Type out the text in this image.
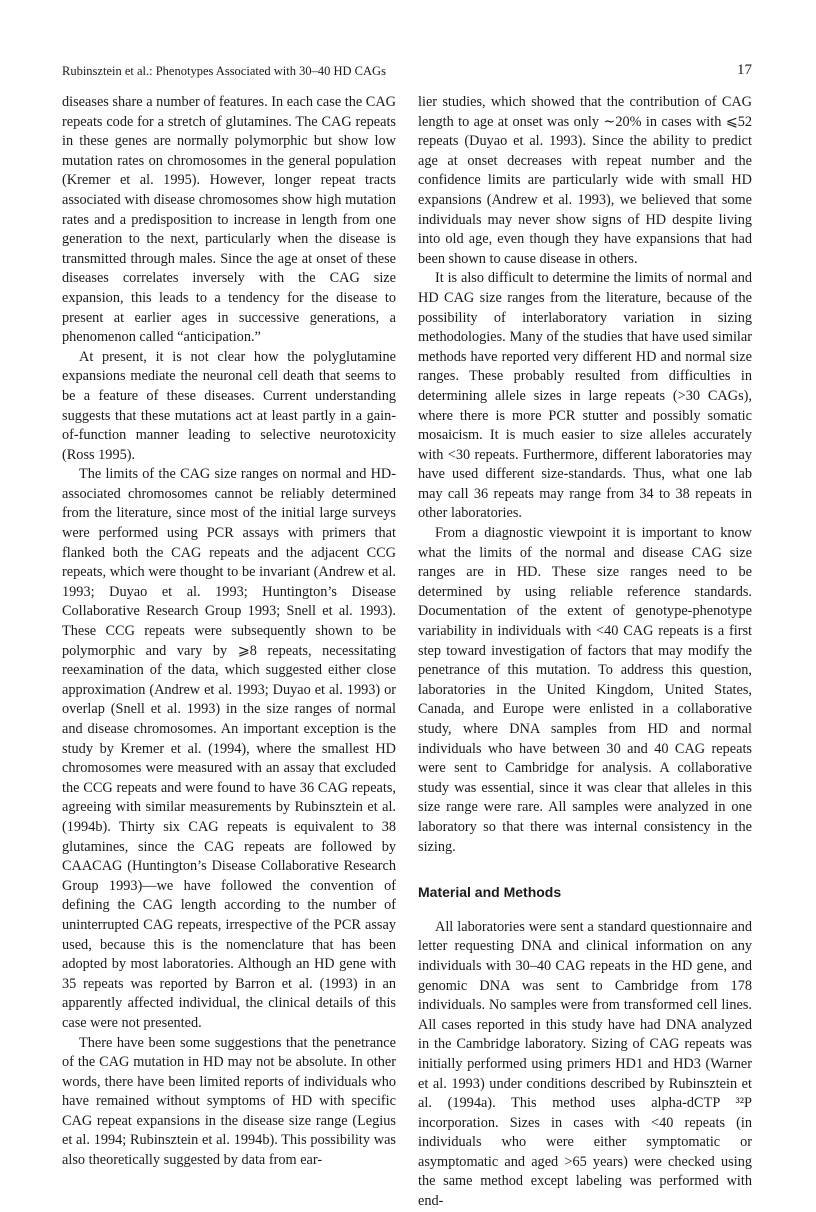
Rubinsztein et al.: Phenotypes Associated with 30–40 HD CAGs	17

diseases share a number of features. In each case the CAG repeats code for a stretch of glutamines. The CAG repeats in these genes are normally polymorphic but show low mutation rates on chromosomes in the general population (Kremer et al. 1995). However, longer repeat tracts associated with disease chromosomes show high mutation rates and a predisposition to increase in length from one generation to the next, particularly when the disease is transmitted through males. Since the age at onset of these diseases correlates inversely with the CAG size expansion, this leads to a tendency for the disease to present at earlier ages in successive generations, a phenomenon called “anticipation.”

At present, it is not clear how the polyglutamine expansions mediate the neuronal cell death that seems to be a feature of these diseases. Current understanding suggests that these mutations act at least partly in a gain-of-function manner leading to selective neurotoxicity (Ross 1995).

The limits of the CAG size ranges on normal and HD-associated chromosomes cannot be reliably determined from the literature, since most of the initial large surveys were performed using PCR assays with primers that flanked both the CAG repeats and the adjacent CCG repeats, which were thought to be invariant (Andrew et al. 1993; Duyao et al. 1993; Huntington’s Disease Collaborative Research Group 1993; Snell et al. 1993). These CCG repeats were subsequently shown to be polymorphic and vary by ⩾8 repeats, necessitating reexamination of the data, which suggested either close approximation (Andrew et al. 1993; Duyao et al. 1993) or overlap (Snell et al. 1993) in the size ranges of normal and disease chromosomes. An important exception is the study by Kremer et al. (1994), where the smallest HD chromosomes were measured with an assay that excluded the CCG repeats and were found to have 36 CAG repeats, agreeing with similar measurements by Rubinsztein et al. (1994b). Thirty six CAG repeats is equivalent to 38 glutamines, since the CAG repeats are followed by CAACAG (Huntington’s Disease Collaborative Research Group 1993)—we have followed the convention of defining the CAG length according to the number of uninterrupted CAG repeats, irrespective of the PCR assay used, because this is the nomenclature that has been adopted by most laboratories. Although an HD gene with 35 repeats was reported by Barron et al. (1993) in an apparently affected individual, the clinical details of this case were not presented.

There have been some suggestions that the penetrance of the CAG mutation in HD may not be absolute. In other words, there have been limited reports of individuals who have remained without symptoms of HD with specific CAG repeat expansions in the disease size range (Legius et al. 1994; Rubinsztein et al. 1994b). This possibility was also theoretically suggested by data from ear-

lier studies, which showed that the contribution of CAG length to age at onset was only ∼20% in cases with ⩽52 repeats (Duyao et al. 1993). Since the ability to predict age at onset decreases with repeat number and the confidence limits are particularly wide with small HD expansions (Andrew et al. 1993), we believed that some individuals may never show signs of HD despite living into old age, even though they have expansions that had been shown to cause disease in others.

It is also difficult to determine the limits of normal and HD CAG size ranges from the literature, because of the possibility of interlaboratory variation in sizing methodologies. Many of the studies that have used similar methods have reported very different HD and normal size ranges. These probably resulted from difficulties in determining allele sizes in large repeats (>30 CAGs), where there is more PCR stutter and possibly somatic mosaicism. It is much easier to size alleles accurately with <30 repeats. Furthermore, different laboratories may have used different size-standards. Thus, what one lab may call 36 repeats may range from 34 to 38 repeats in other laboratories.

From a diagnostic viewpoint it is important to know what the limits of the normal and disease CAG size ranges are in HD. These size ranges need to be determined by using reliable reference standards. Documentation of the extent of genotype-phenotype variability in individuals with <40 CAG repeats is a first step toward investigation of factors that may modify the penetrance of this mutation. To address this question, laboratories in the United Kingdom, United States, Canada, and Europe were enlisted in a collaborative study, where DNA samples from HD and normal individuals who have between 30 and 40 CAG repeats were sent to Cambridge for analysis. A collaborative study was essential, since it was clear that alleles in this size range were rare. All samples were analyzed in one laboratory so that there was internal consistency in the sizing.

Material and Methods

All laboratories were sent a standard questionnaire and letter requesting DNA and clinical information on any individuals with 30–40 CAG repeats in the HD gene, and genomic DNA was sent to Cambridge from 178 individuals. No samples were from transformed cell lines. All cases reported in this study have had DNA analyzed in the Cambridge laboratory. Sizing of CAG repeats was initially performed using primers HD1 and HD3 (Warner et al. 1993) under conditions described by Rubinsztein et al. (1994a). This method uses alpha-dCTP ³²P incorporation. Sizes in cases with <40 repeats (in individuals who were either symptomatic or asymptomatic and aged >65 years) were checked using the same method except labeling was performed with end-
